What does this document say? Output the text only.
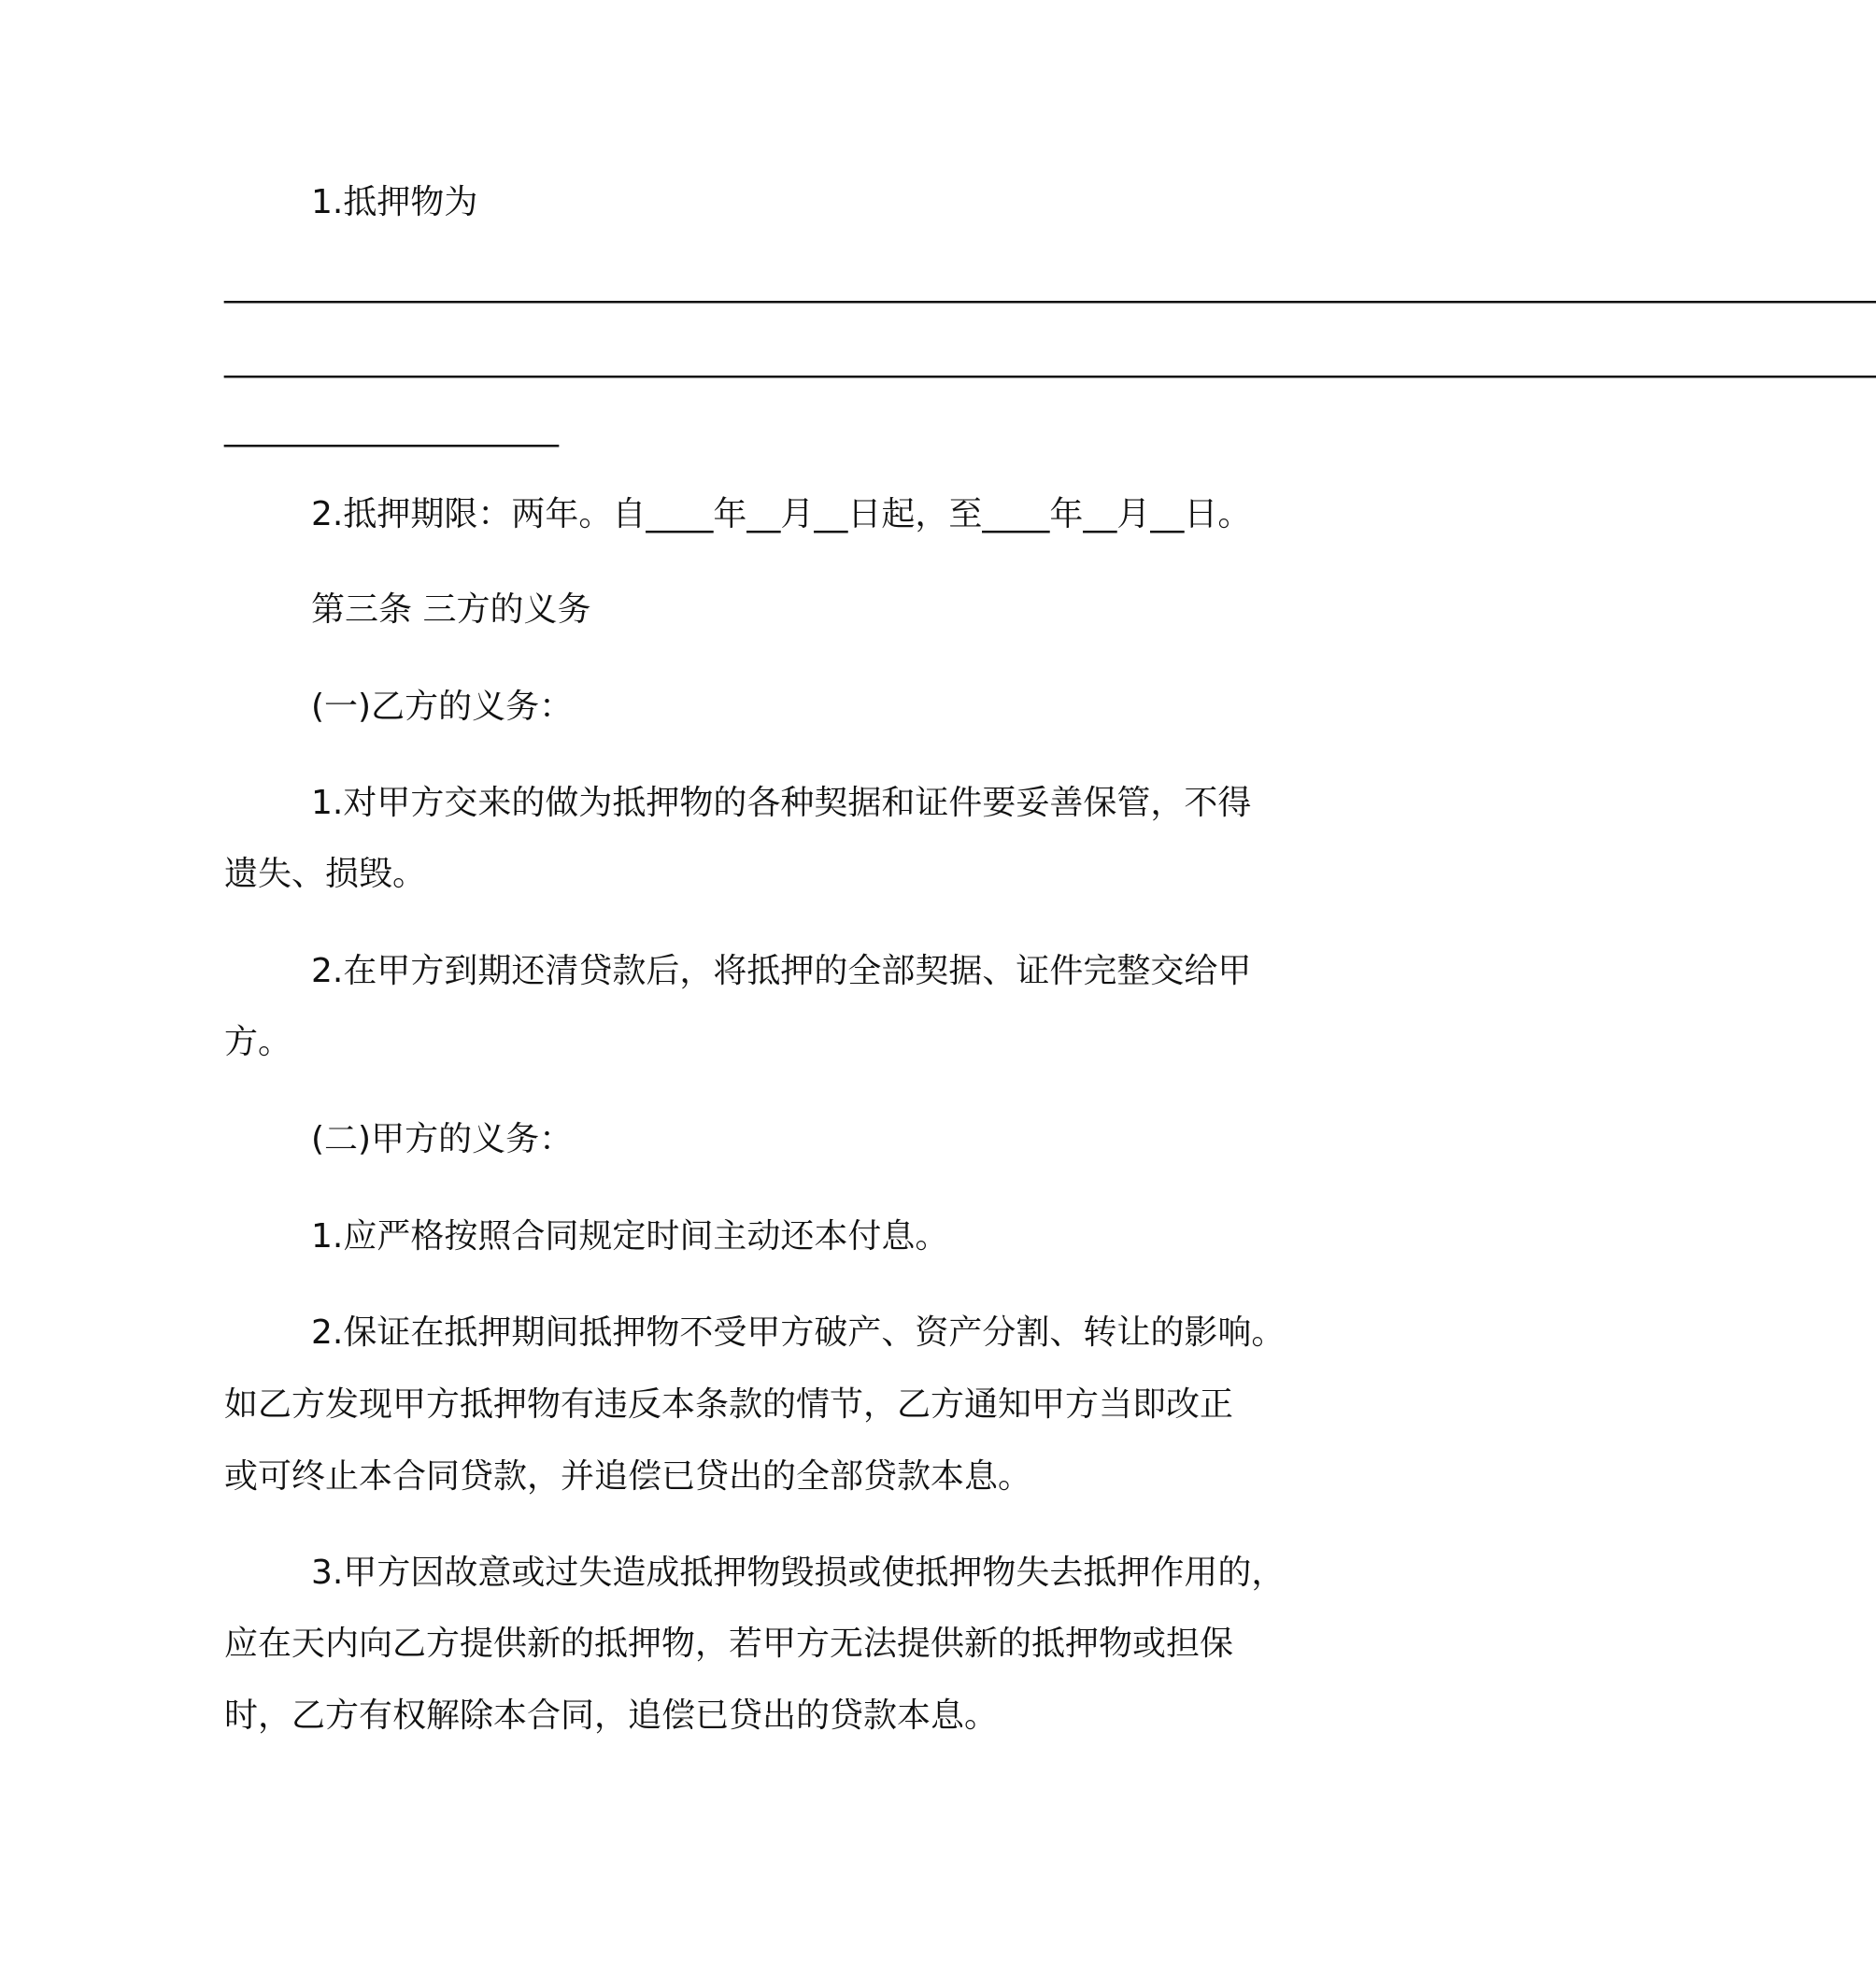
1.抵押物为
________________________________________________________________________________________________________
________________________________________________________________________________________________________
_____________________
2.抵押期限：两年。自____年__月__日起，至____年__月__日。
第三条 三方的义务
(一)乙方的义务：
1.对甲方交来的做为抵押物的各种契据和证件要妥善保管，不得
遗失、损毁。
2.在甲方到期还清贷款后，将抵押的全部契据、证件完整交给甲
方。
(二)甲方的义务：
1.应严格按照合同规定时间主动还本付息。
2.保证在抵押期间抵押物不受甲方破产、资产分割、转让的影响。
如乙方发现甲方抵押物有违反本条款的情节，乙方通知甲方当即改正
或可终止本合同贷款，并追偿已贷出的全部贷款本息。
3.甲方因故意或过失造成抵押物毁损或使抵押物失去抵押作用的，
应在天内向乙方提供新的抵押物，若甲方无法提供新的抵押物或担保
时，乙方有权解除本合同，追偿已贷出的贷款本息。
